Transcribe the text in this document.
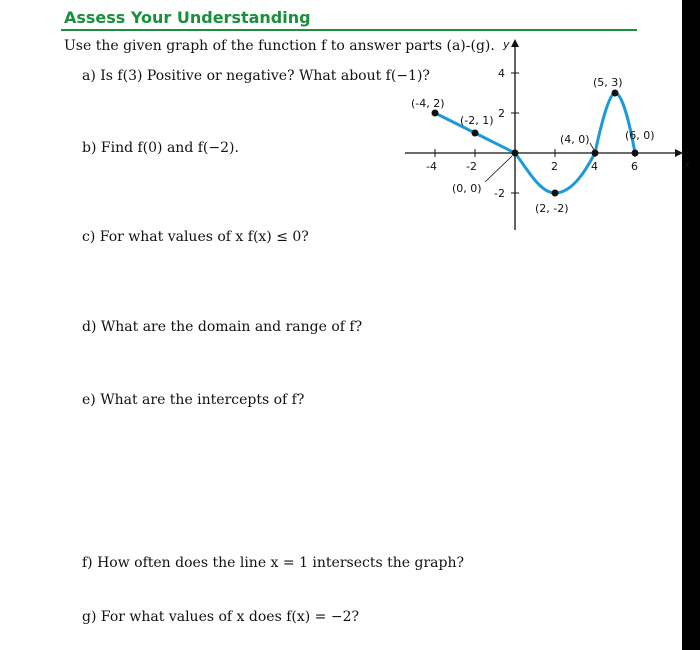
Assess Your Understanding
Use the given graph of the function f to answer parts (a)-(g).
a) Is f(3) Positive or negative? What about f(−1)?
b) Find f(0) and f(−2).
c) For what values of x f(x) ≤ 0?
d) What are the domain and range of f?
e) What are the intercepts of f?
f) How often does the line x = 1 intersects the graph?
g) For what values of x does f(x) = −2?
y
x
-4	-2	2	4	6
4
2
-2
(-4, 2)
(-2, 1)
(0, 0)
(2, -2)
(4, 0)
(5, 3)
(6, 0)
